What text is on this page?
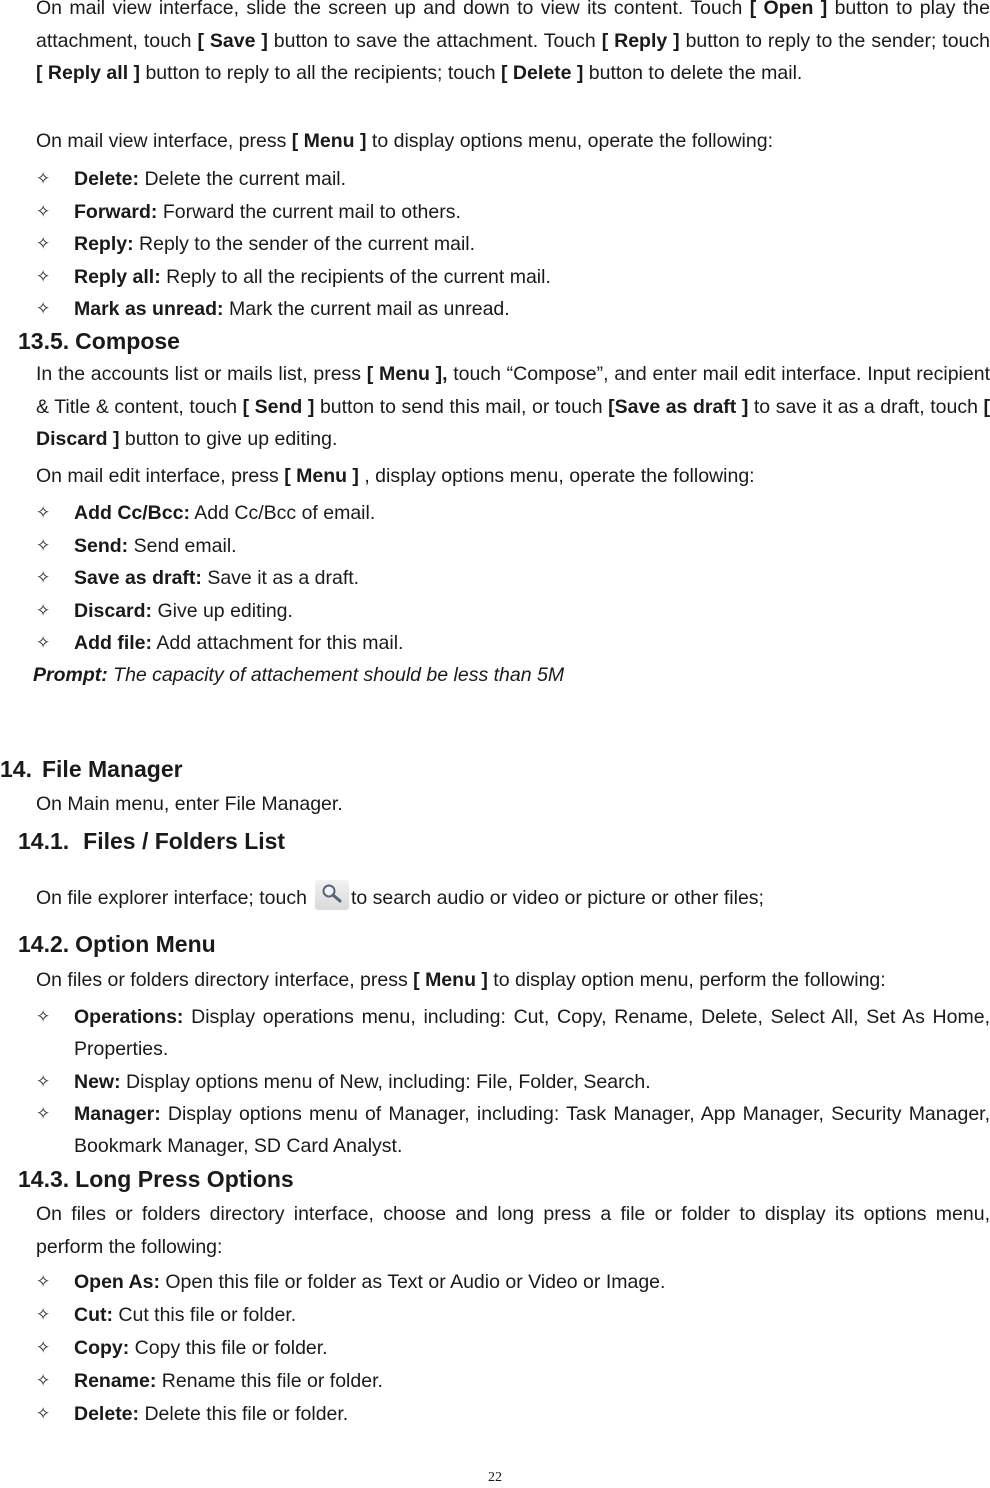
On mail view interface, slide the screen up and down to view its content. Touch [ Open ] button to play the attachment, touch [ Save ] button to save the attachment. Touch [ Reply ] button to reply to the sender; touch [ Reply all ] button to reply to all the recipients; touch [ Delete ] button to delete the mail.

On mail view interface, press [ Menu ] to display options menu, operate the following:
✧	Delete: Delete the current mail.
✧	Forward: Forward the current mail to others.
✧	Reply: Reply to the sender of the current mail.
✧	Reply all: Reply to all the recipients of the current mail.
✧	Mark as unread: Mark the current mail as unread.
13.5. Compose

In the accounts list or mails list, press [ Menu ], touch “Compose”, and enter mail edit interface. Input recipient & Title & content, touch [ Send ] button to send this mail, or touch [Save as draft ] to save it as a draft, touch [ Discard ] button to give up editing.

On mail edit interface, press [ Menu ] , display options menu, operate the following:
✧	Add Cc/Bcc: Add Cc/Bcc of email.
✧	Send: Send email.
✧	Save as draft: Save it as a draft.
✧	Discard: Give up editing.
✧	Add file: Add attachment for this mail.
Prompt: The capacity of attachement should be less than 5M
14. File Manager
On Main menu, enter File Manager.
14.1. Files / Folders List
On file explorer interface; touch to search audio or video or picture or other files;
14.2. Option Menu
On files or folders directory interface, press [ Menu ] to display option menu, perform the following:
✧	Operations: Display operations menu, including: Cut, Copy, Rename, Delete, Select All, Set As Home, Properties.
✧	New: Display options menu of New, including: File, Folder, Search.
✧	Manager: Display options menu of Manager, including: Task Manager, App Manager, Security Manager, Bookmark Manager, SD Card Analyst.
14.3. Long Press Options

On files or folders directory interface, choose and long press a file or folder to display its options menu, perform the following:

✧	Open As: Open this file or folder as Text or Audio or Video or Image.
✧	Cut: Cut this file or folder.
✧	Copy: Copy this file or folder.
✧	Rename: Rename this file or folder.
✧	Delete: Delete this file or folder.
22
